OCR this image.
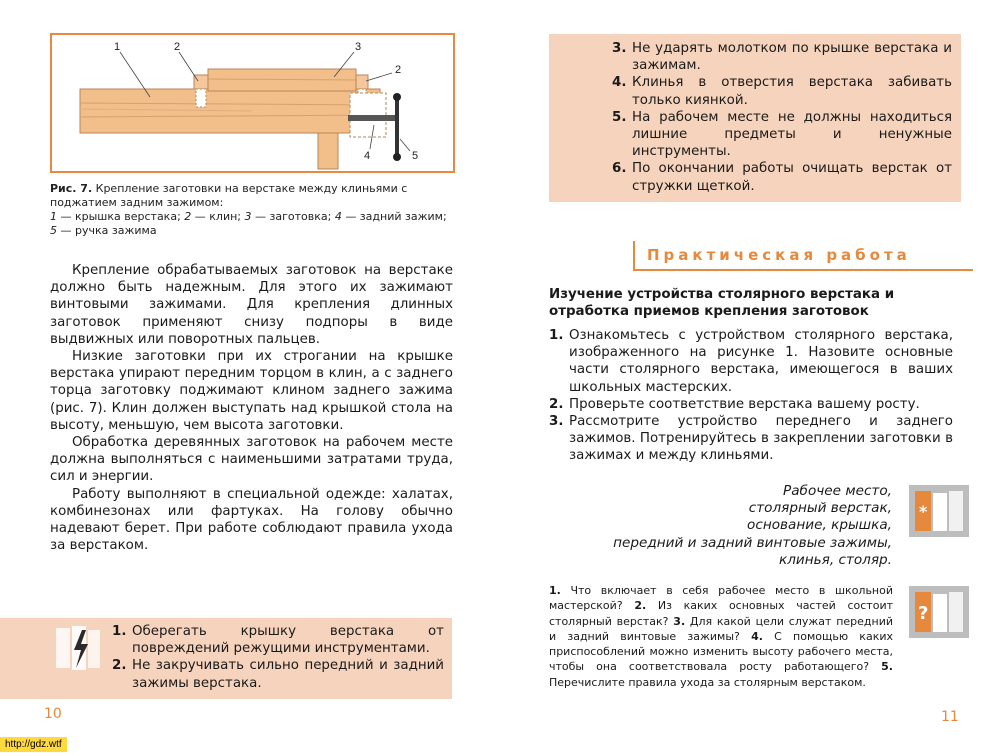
1	2	3
2
4	5
Рис. 7. Крепление заготовки на верстаке между клиньями с поджатием задним зажимом:
1 — крышка верстака; 2 — клин; 3 — заготовка; 4 — задний зажим; 5 — ручка зажима

Крепление обрабатываемых заготовок на верстаке должно быть надежным. Для этого их зажимают винтовыми зажимами. Для крепления длинных заготовок применяют снизу подпоры в виде выдвижных или поворотных пальцев.

Низкие заготовки при их строгании на крышке верстака упирают передним торцом в клин, а с заднего торца заготовку поджимают клином заднего зажима (рис. 7). Клин должен выступать над крышкой стола на высоту, меньшую, чем высота заготовки.

Обработка деревянных заготовок на рабочем месте должна выполняться с наименьшими затратами труда, сил и энергии.

Работу выполняют в специальной одежде: халатах, комбинезонах или фартуках. На голову обычно надевают берет. При работе соблюдают правила ухода за верстаком.

1. Оберегать крышку верстака от повреждений режущими инструментами.
2. Не закручивать сильно передний и задний зажимы верстака.
10
http://gdz.wtf
3. Не ударять молотком по крышке верстака и зажимам.
4. Клинья в отверстия верстака забивать только киянкой.
5. На рабочем месте не должны находиться лишние предметы и ненужные инструменты.
6. По окончании работы очищать верстак от стружки щеткой.
Практическая работа
Изучение устройства столярного верстака и отработка приемов крепления заготовок
1. Ознакомьтесь с устройством столярного верстака, изображенного на рисунке 1. Назовите основные части столярного верстака, имеющегося в ваших школьных мастерских.
2. Проверьте соответствие верстака вашему росту.
3. Рассмотрите устройство переднего и заднего зажимов. Потренируйтесь в закреплении заготовки в зажимах и между клиньями.
Рабочее место,
столярный верстак,
основание, крышка,
передний и задний винтовые зажимы,
клинья, столяр.
*
1. Что включает в себя рабочее место в школьной мастерской? 2. Из каких основных частей состоит столярный верстак? 3. Для какой цели служат передний и задний винтовые зажимы? 4. С помощью каких приспособлений можно изменить высоту рабочего места, чтобы она соответствовала росту работающего? 5. Перечислите правила ухода за столярным верстаком.
?
11
